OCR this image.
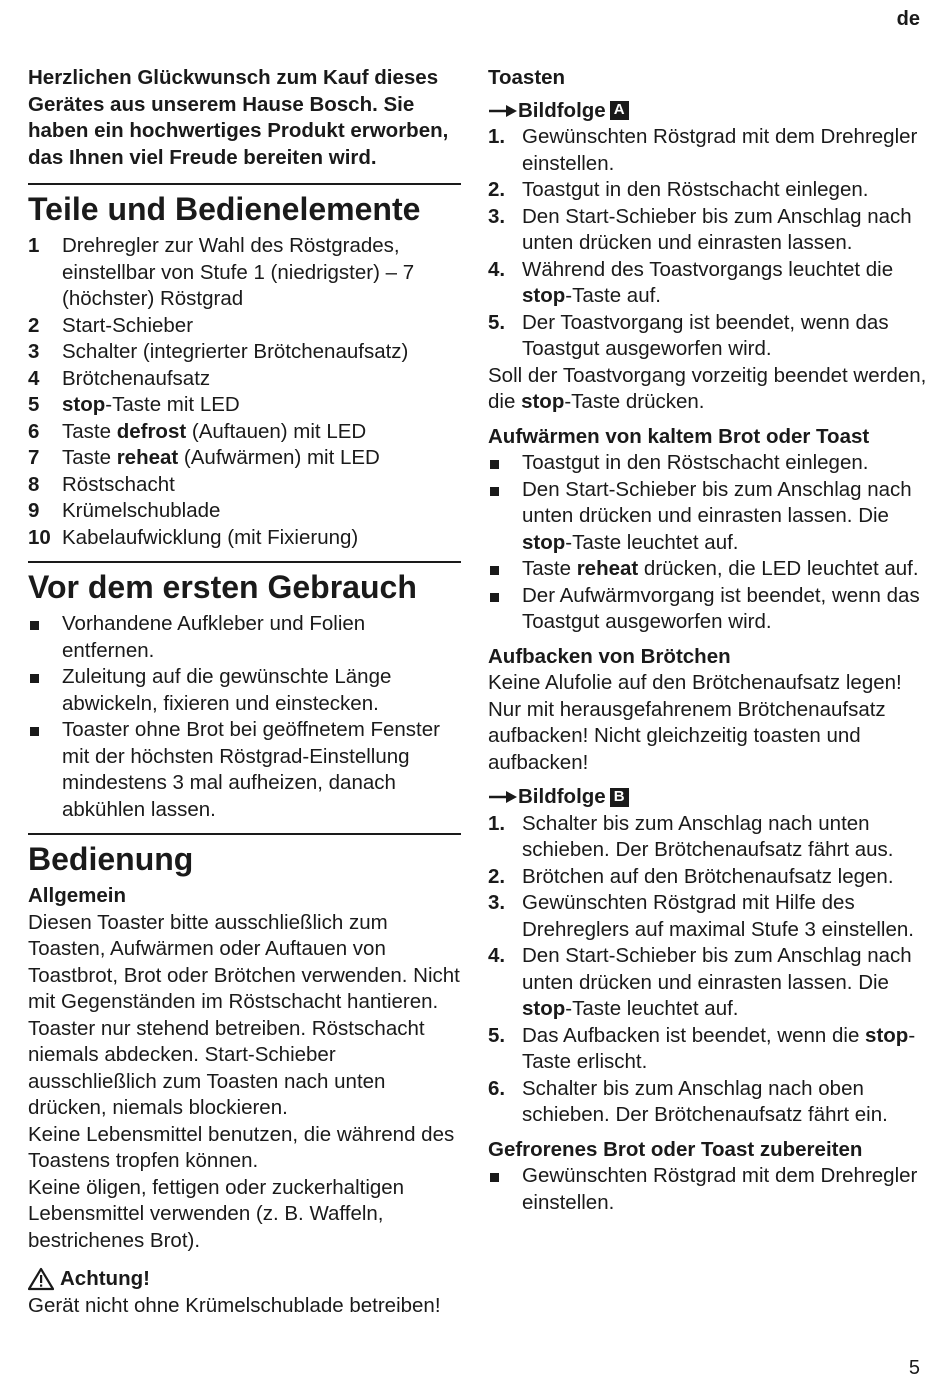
de

Herzlichen Glückwunsch zum Kauf dieses Gerätes aus unserem Hause Bosch. Sie haben ein hochwertiges Produkt erworben, das Ihnen viel Freude bereiten wird.

Teile und Bedienelemente
1 Drehregler zur Wahl des Röstgrades, einstellbar von Stufe 1 (niedrigster) – 7 (höchster) Röstgrad
2 Start-Schieber
3 Schalter (integrierter Brötchenaufsatz)
4 Brötchenaufsatz
5 stop-Taste mit LED
6 Taste defrost (Auftauen) mit LED
7 Taste reheat (Aufwärmen) mit LED
8 Röstschacht
9 Krümelschublade
10 Kabelaufwicklung (mit Fixierung)
Vor dem ersten Gebrauch
Vorhandene Aufkleber und Folien entfernen.
Zuleitung auf die gewünschte Länge abwickeln, fixieren und einstecken.
Toaster ohne Brot bei geöffnetem Fenster mit der höchsten Röstgrad-Einstellung mindestens 3 mal aufheizen, danach abkühlen lassen.
Bedienung

Allgemein

Diesen Toaster bitte ausschließlich zum Toasten, Aufwärmen oder Auftauen von Toastbrot, Brot oder Brötchen verwenden. Nicht mit Gegenständen im Röstschacht hantieren. Toaster nur stehend betreiben. Röstschacht niemals abdecken. Start-Schieber ausschließlich zum Toasten nach unten drücken, niemals blockieren.

Keine Lebensmittel benutzen, die während des Toastens tropfen können.

Keine öligen, fettigen oder zuckerhaltigen Lebensmittel verwenden (z. B. Waffeln, bestrichenes Brot).

Achtung!

Gerät nicht ohne Krümelschublade betreiben!

Toasten

Bildfolge A
1. Gewünschten Röstgrad mit dem Drehregler einstellen.
2. Toastgut in den Röstschacht einlegen.
3. Den Start-Schieber bis zum Anschlag nach unten drücken und einrasten lassen.
4. Während des Toastvorgangs leuchtet die stop-Taste auf.
5. Der Toastvorgang ist beendet, wenn das Toastgut ausgeworfen wird.

Soll der Toastvorgang vorzeitig beendet werden, die stop-Taste drücken.

Aufwärmen von kaltem Brot oder Toast

Toastgut in den Röstschacht einlegen.
Den Start-Schieber bis zum Anschlag nach unten drücken und einrasten lassen. Die stop-Taste leuchtet auf.
Taste reheat drücken, die LED leuchtet auf.
Der Aufwärmvorgang ist beendet, wenn das Toastgut ausgeworfen wird.

Aufbacken von Brötchen

Keine Alufolie auf den Brötchenaufsatz legen! Nur mit herausgefahrenem Brötchenaufsatz aufbacken! Nicht gleichzeitig toasten und aufbacken!

Bildfolge B
1. Schalter bis zum Anschlag nach unten schieben. Der Brötchenaufsatz fährt aus.
2. Brötchen auf den Brötchenaufsatz legen.
3. Gewünschten Röstgrad mit Hilfe des Drehreglers auf maximal Stufe 3 einstellen.
4. Den Start-Schieber bis zum Anschlag nach unten drücken und einrasten lassen. Die stop-Taste leuchtet auf.
5. Das Aufbacken ist beendet, wenn die stop-Taste erlischt.
6. Schalter bis zum Anschlag nach oben schieben. Der Brötchenaufsatz fährt ein.

Gefrorenes Brot oder Toast zubereiten

Gewünschten Röstgrad mit dem Drehregler einstellen.
5
